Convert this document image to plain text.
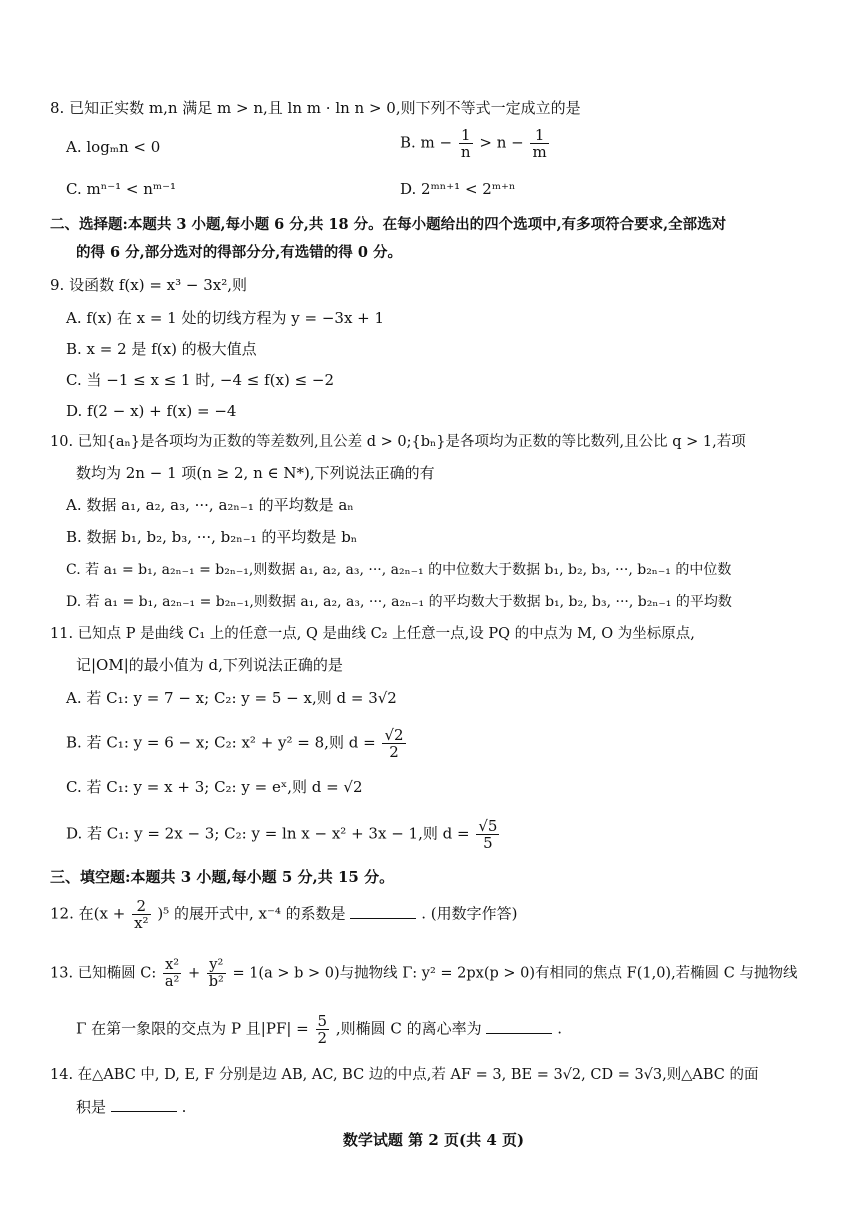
8. 已知正实数 m,n 满足 m > n,且 ln m · ln n > 0,则下列不等式一定成立的是
A. logₘn < 0	B. $m - \frac{1}{n} > n - \frac{1}{m}$
C. mⁿ⁻¹ < nᵐ⁻¹	D. 2ᵐⁿ⁺¹ < 2ᵐ⁺ⁿ
二、选择题:本题共 3 小题,每小题 6 分,共 18 分。在每小题给出的四个选项中,有多项符合要求,全部选对
的得 6 分,部分选对的得部分分,有选错的得 0 分。
9. 设函数 f(x) = x³ − 3x²,则
A. f(x) 在 x = 1 处的切线方程为 y = −3x + 1
B. x = 2 是 f(x) 的极大值点
C. 当 −1 ≤ x ≤ 1 时, −4 ≤ f(x) ≤ −2
D. f(2 − x) + f(x) = −4
10. 已知{aₙ}是各项均为正数的等差数列,且公差 d > 0;{bₙ}是各项均为正数的等比数列,且公比 q > 1,若项
数均为 2n − 1 项(n ≥ 2, n ∈ N*),下列说法正确的有
A. 数据 a₁, a₂, a₃, ···, a₂ₙ₋₁ 的平均数是 aₙ
B. 数据 b₁, b₂, b₃, ···, b₂ₙ₋₁ 的平均数是 bₙ
C. 若 a₁ = b₁, a₂ₙ₋₁ = b₂ₙ₋₁,则数据 a₁, a₂, a₃, ···, a₂ₙ₋₁ 的中位数大于数据 b₁, b₂, b₃, ···, b₂ₙ₋₁ 的中位数
D. 若 a₁ = b₁, a₂ₙ₋₁ = b₂ₙ₋₁,则数据 a₁, a₂, a₃, ···, a₂ₙ₋₁ 的平均数大于数据 b₁, b₂, b₃, ···, b₂ₙ₋₁ 的平均数
11. 已知点 P 是曲线 C₁ 上的任意一点, Q 是曲线 C₂ 上任意一点,设 PQ 的中点为 M, O 为坐标原点,
记|OM|的最小值为 d,下列说法正确的是
A. 若 C₁: y = 7 − x; C₂: y = 5 − x,则 d = 3√2
B. 若 C₁: y = 6 − x; C₂: x² + y² = 8,则 $d = \frac{√2}{2}$
C. 若 C₁: y = x + 3; C₂: y = eˣ,则 d = √2
D. 若 C₁: y = 2x − 3; C₂: y = ln x − x² + 3x − 1,则 $d = \frac{√5}{5}$
三、填空题:本题共 3 小题,每小题 5 分,共 15 分。
12. 在$(x + \frac{2}{\text{x²}} )^5$ 的展开式中, x⁻⁴ 的系数是	. (用数字作答)
13. 已知椭圆 C: $\frac{\text{x²}}{\text{a²}} + \frac{\text{y²}}{\text{b²}} = 1(a > b > 0)$与抛物线 Γ: y² = 2px(p > 0)有相同的焦点 F(1,0),若椭圆 C 与抛物线
Γ 在第一象限的交点为 P 且$|PF| = \frac{5}{2}$ ,则椭圆 C 的离心率为	.
14. 在△ABC 中, D, E, F 分别是边 AB, AC, BC 边的中点,若 AF = 3, BE = 3√2, CD = 3√3,则△ABC 的面
积是	.
数学试题 第 2 页(共 4 页)
